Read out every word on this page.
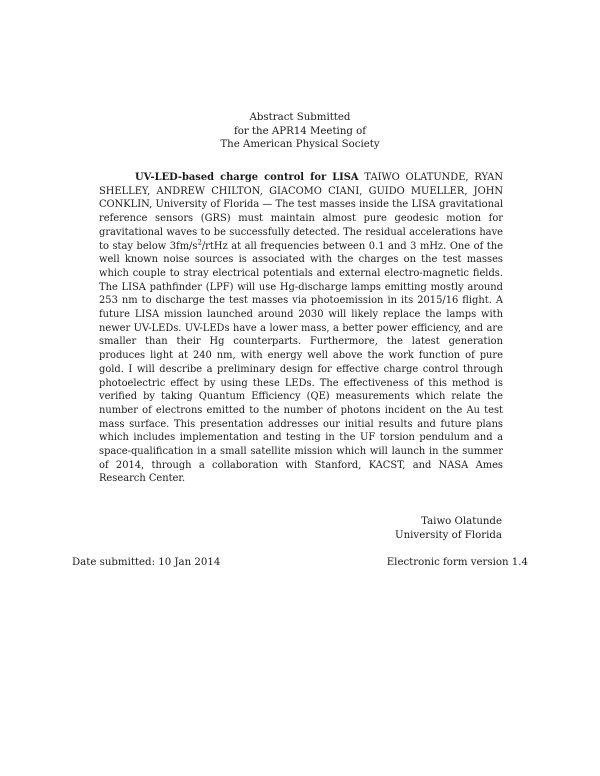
Abstract Submitted
for the APR14 Meeting of
The American Physical Society
UV-LED-based charge control for LISA TAIWO OLATUNDE, RYAN SHELLEY, ANDREW CHILTON, GIACOMO CIANI, GUIDO MUELLER, JOHN CONKLIN, University of Florida — The test masses inside the LISA gravitational reference sensors (GRS) must maintain almost pure geodesic motion for gravitational waves to be successfully detected. The residual accelerations have to stay below $3fm/s^2$/rtHz at all frequencies between 0.1 and 3 mHz. One of the well known noise sources is associated with the charges on the test masses which couple to stray electrical potentials and external electro-magnetic fields. The LISA pathfinder (LPF) will use Hg-discharge lamps emitting mostly around 253 nm to discharge the test masses via photoemission in its 2015/16 flight. A future LISA mission launched around 2030 will likely replace the lamps with newer UV-LEDs. UV-LEDs have a lower mass, a better power efficiency, and are smaller than their Hg counterparts. Furthermore, the latest generation produces light at 240 nm, with energy well above the work function of pure gold. I will describe a preliminary design for effective charge control through photoelectric effect by using these LEDs. The effectiveness of this method is verified by taking Quantum Efficiency (QE) measurements which relate the number of electrons emitted to the number of photons incident on the Au test mass surface. This presentation addresses our initial results and future plans which includes implementation and testing in the UF torsion pendulum and a space-qualification in a small satellite mission which will launch in the summer of 2014, through a collaboration with Stanford, KACST, and NASA Ames Research Center.
Taiwo Olatunde
University of Florida
Date submitted: 10 Jan 2014	Electronic form version 1.4
